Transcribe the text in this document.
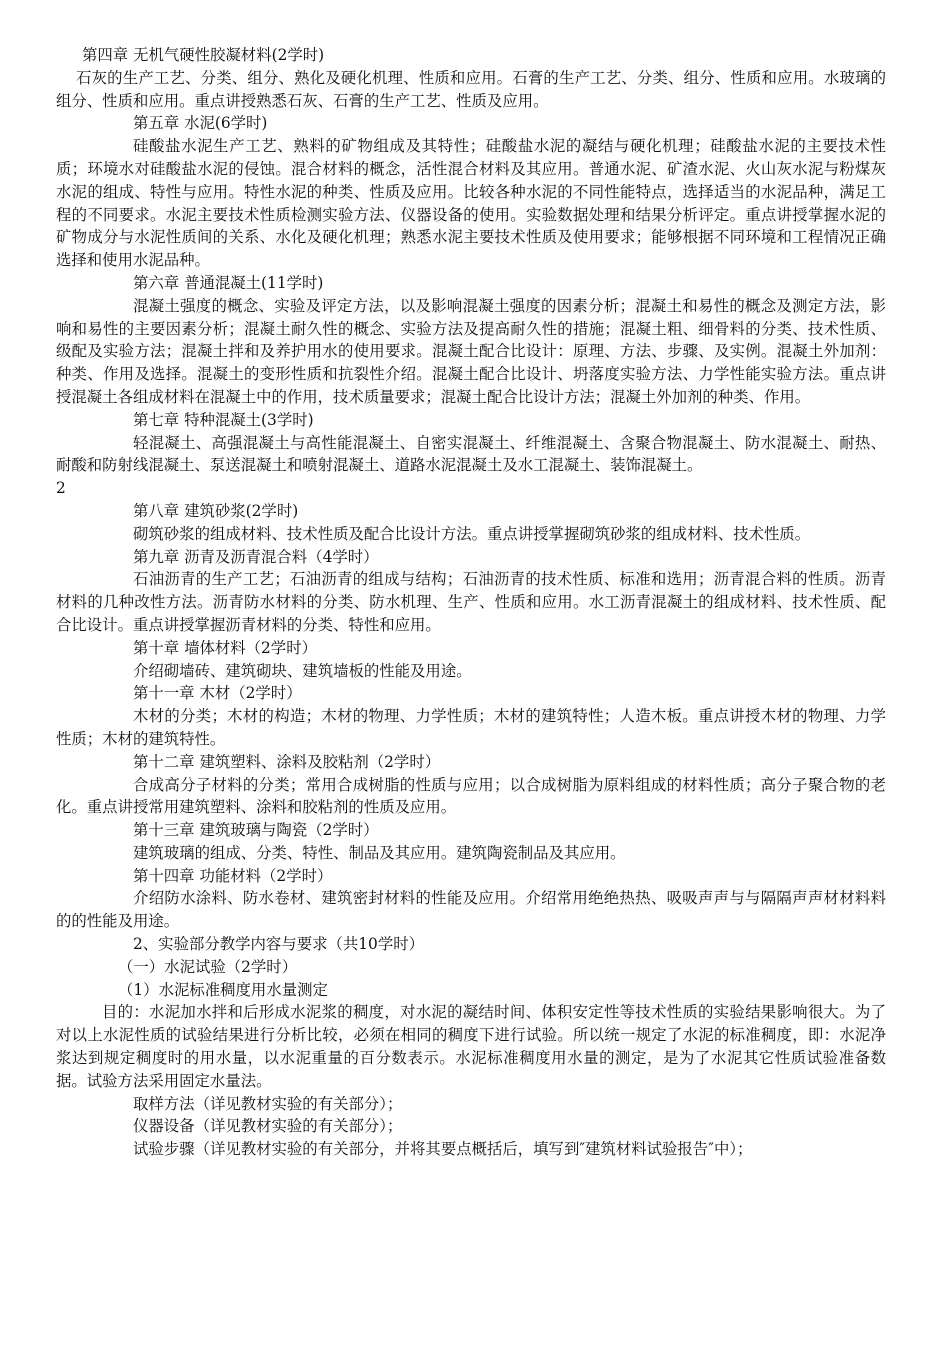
第四章 无机气硬性胶凝材料(2学时)

石灰的生产工艺、分类、组分、熟化及硬化机理、性质和应用。石膏的生产工艺、分类、组分、性质和应用。水玻璃的组分、性质和应用。重点讲授熟悉石灰、石膏的生产工艺、性质及应用。

第五章 水泥(6学时)

硅酸盐水泥生产工艺、熟料的矿物组成及其特性；硅酸盐水泥的凝结与硬化机理；硅酸盐水泥的主要技术性质；环境水对硅酸盐水泥的侵蚀。混合材料的概念，活性混合材料及其应用。普通水泥、矿渣水泥、火山灰水泥与粉煤灰水泥的组成、特性与应用。特性水泥的种类、性质及应用。比较各种水泥的不同性能特点，选择适当的水泥品种，满足工程的不同要求。水泥主要技术性质检测实验方法、仪器设备的使用。实验数据处理和结果分析评定。重点讲授掌握水泥的矿物成分与水泥性质间的关系、水化及硬化机理；熟悉水泥主要技术性质及使用要求；能够根据不同环境和工程情况正确选择和使用水泥品种。

第六章 普通混凝土(11学时)

混凝土强度的概念、实验及评定方法，以及影响混凝土强度的因素分析；混凝土和易性的概念及测定方法，影响和易性的主要因素分析；混凝土耐久性的概念、实验方法及提高耐久性的措施；混凝土粗、细骨料的分类、技术性质、级配及实验方法；混凝土拌和及养护用水的使用要求。混凝土配合比设计：原理、方法、步骤、及实例。混凝土外加剂：种类、作用及选择。混凝土的变形性质和抗裂性介绍。混凝土配合比设计、坍落度实验方法、力学性能实验方法。重点讲授混凝土各组成材料在混凝土中的作用，技术质量要求；混凝土配合比设计方法；混凝土外加剂的种类、作用。

第七章 特种混凝土(3学时)

轻混凝土、高强混凝土与高性能混凝土、自密实混凝土、纤维混凝土、含聚合物混凝土、防水混凝土、耐热、耐酸和防射线混凝土、泵送混凝土和喷射混凝土、道路水泥混凝土及水工混凝土、装饰混凝土。

2

第八章 建筑砂浆(2学时)

砌筑砂浆的组成材料、技术性质及配合比设计方法。重点讲授掌握砌筑砂浆的组成材料、技术性质。

第九章 沥青及沥青混合料（4学时）

石油沥青的生产工艺；石油沥青的组成与结构；石油沥青的技术性质、标准和选用；沥青混合料的性质。沥青材料的几种改性方法。沥青防水材料的分类、防水机理、生产、性质和应用。水工沥青混凝土的组成材料、技术性质、配合比设计。重点讲授掌握沥青材料的分类、特性和应用。

第十章 墙体材料（2学时）

介绍砌墙砖、建筑砌块、建筑墙板的性能及用途。

第十一章 木材（2学时）

木材的分类；木材的构造；木材的物理、力学性质；木材的建筑特性；人造木板。重点讲授木材的物理、力学性质；木材的建筑特性。

第十二章 建筑塑料、涂料及胶粘剂（2学时）

合成高分子材料的分类；常用合成树脂的性质与应用；以合成树脂为原料组成的材料性质；高分子聚合物的老化。重点讲授常用建筑塑料、涂料和胶粘剂的性质及应用。

第十三章 建筑玻璃与陶瓷（2学时）

建筑玻璃的组成、分类、特性、制品及其应用。建筑陶瓷制品及其应用。

第十四章 功能材料（2学时）

介绍防水涂料、防水卷材、建筑密封材料的性能及应用。介绍常用绝绝热热、吸吸声声与与隔隔声声材材料料的的性能及用途。

2、实验部分教学内容与要求（共10学时）

（一）水泥试验（2学时）

（1）水泥标准稠度用水量测定

目的：水泥加水拌和后形成水泥浆的稠度，对水泥的凝结时间、体积安定性等技术性质的实验结果影响很大。为了对以上水泥性质的试验结果进行分析比较，必须在相同的稠度下进行试验。所以统一规定了水泥的标准稠度，即：水泥净浆达到规定稠度时的用水量，以水泥重量的百分数表示。水泥标准稠度用水量的测定，是为了水泥其它性质试验准备数据。试验方法采用固定水量法。

取样方法（详见教材实验的有关部分）；

仪器设备（详见教材实验的有关部分）；

试验步骤（详见教材实验的有关部分，并将其要点概括后，填写到″建筑材料试验报告″中）；
